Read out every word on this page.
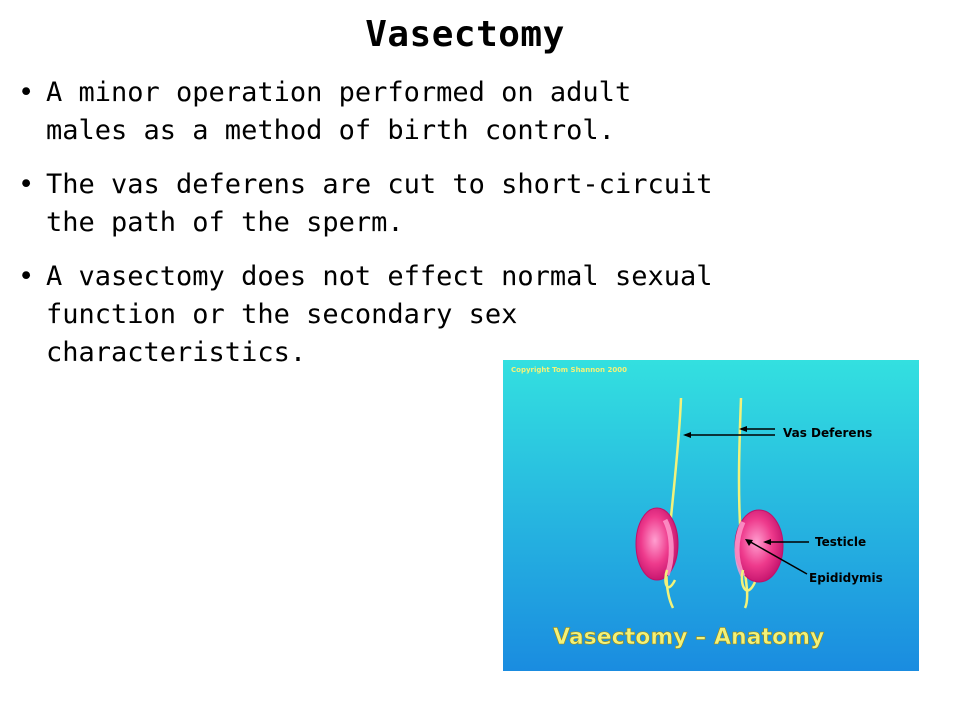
Vasectomy
• A minor operation performed on adult males as a method of birth control.
• The vas deferens are cut to short-circuit the path of the sperm.
• A vasectomy does not effect normal sexual function or the secondary sex characteristics.
Copyright Tom Shannon 2000
Vas Deferens
Testicle
Epididymis
Vasectomy – Anatomy
